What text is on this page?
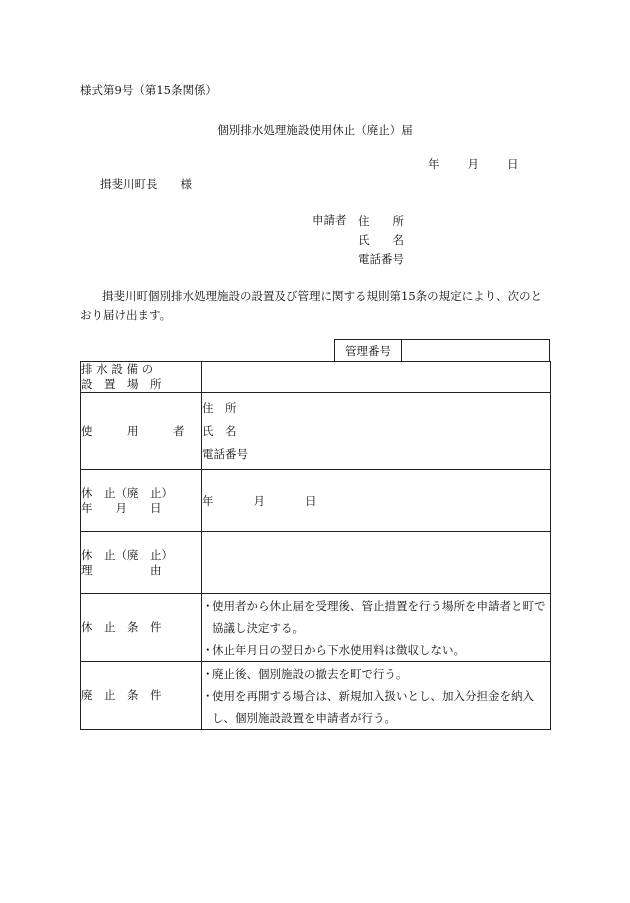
様式第9号（第15条関係）
個別排水処理施設使用休止（廃止）届
年 月 日
揖斐川町長　　様
申請者 住　　所
氏　　名
電話番号
揖斐川町個別排水処理施設の設置及び管理に関する規則第15条の規定により、次のとおり届け出ます。
管理番号	
排 水 設 備 の
設　置　場　所	

使　　　用　　　者	住　所
氏　名
電話番号

休　止（廃　止）
年　　月　　日	年 月 日

休　止（廃　止）
理　　　　　由	

休　止　条　件	・
使用者から休止届を受理後、管止措置を行う場所を申請者と町で協議し決定する。
・
休止年月日の翌日から下水使用料は徴収しない。

廃　止　条　件	・
廃止後、個別施設の撤去を町で行う。
・
使用を再開する場合は、新規加入扱いとし、加入分担金を納入し、個別施設設置を申請者が行う。
